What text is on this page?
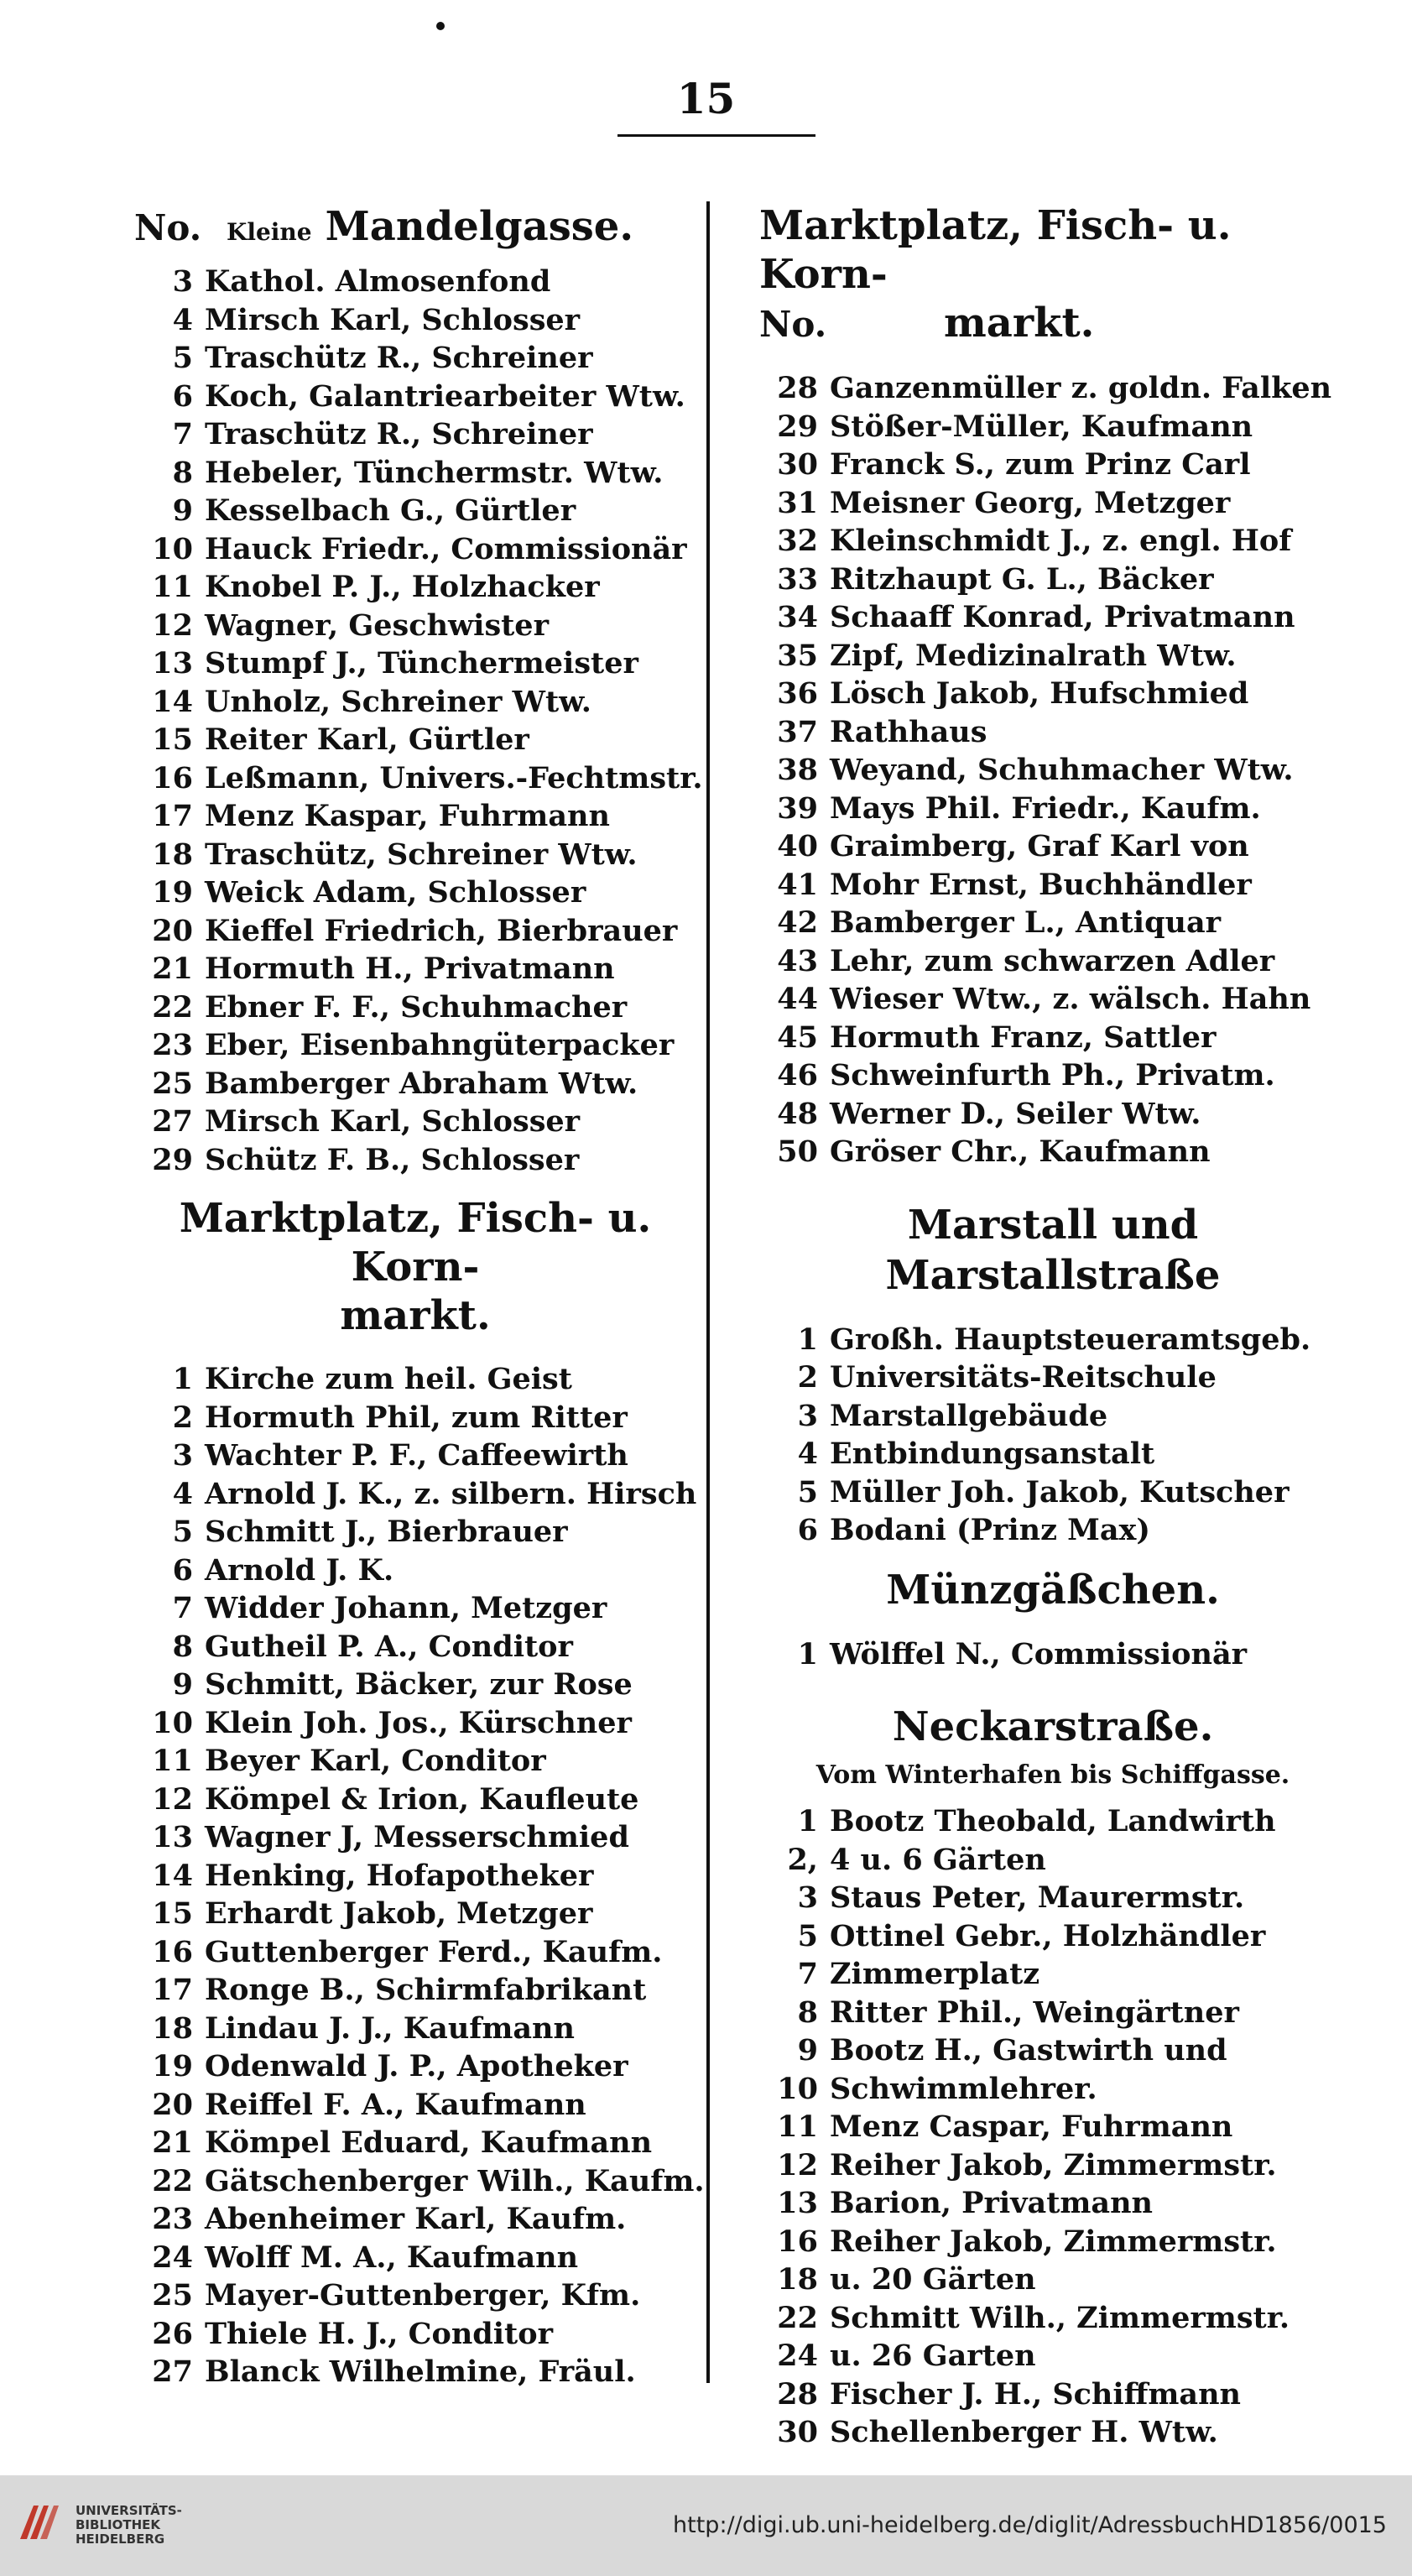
15
No. Kleine Mandelgasse.
3 Kathol. Almosenfond
4 Mirsch Karl, Schlosser
5 Traschütz R., Schreiner
6 Koch, Galantriearbeiter Wtw.
7 Traschütz R., Schreiner
8 Hebeler, Tünchermstr. Wtw.
9 Kesselbach G., Gürtler
10 Hauck Friedr., Commissionär
11 Knobel P. J., Holzhacker
12 Wagner, Geschwister
13 Stumpf J., Tünchermeister
14 Unholz, Schreiner Wtw.
15 Reiter Karl, Gürtler
16 Leßmann, Univers.-Fechtmstr.
17 Menz Kaspar, Fuhrmann
18 Traschütz, Schreiner Wtw.
19 Weick Adam, Schlosser
20 Kieffel Friedrich, Bierbrauer
21 Hormuth H., Privatmann
22 Ebner F. F., Schuhmacher
23 Eber, Eisenbahngüterpacker
25 Bamberger Abraham Wtw.
27 Mirsch Karl, Schlosser
29 Schütz F. B., Schlosser
Marktplatz, Fisch- u. Korn-
markt.
1 Kirche zum heil. Geist
2 Hormuth Phil, zum Ritter
3 Wachter P. F., Caffeewirth
4 Arnold J. K., z. silbern. Hirsch
5 Schmitt J., Bierbrauer
6 Arnold J. K.
7 Widder Johann, Metzger
8 Gutheil P. A., Conditor
9 Schmitt, Bäcker, zur Rose
10 Klein Joh. Jos., Kürschner
11 Beyer Karl, Conditor
12 Kömpel & Irion, Kaufleute
13 Wagner J, Messerschmied
14 Henking, Hofapotheker
15 Erhardt Jakob, Metzger
16 Guttenberger Ferd., Kaufm.
17 Ronge B., Schirmfabrikant
18 Lindau J. J., Kaufmann
19 Odenwald J. P., Apotheker
20 Reiffel F. A., Kaufmann
21 Kömpel Eduard, Kaufmann
22 Gätschenberger Wilh., Kaufm.
23 Abenheimer Karl, Kaufm.
24 Wolff M. A., Kaufmann
25 Mayer-Guttenberger, Kfm.
26 Thiele H. J., Conditor
27 Blanck Wilhelmine, Fräul.
Marktplatz, Fisch- u. Korn-
No.	markt.
28 Ganzenmüller z. goldn. Falken
29 Stößer-Müller, Kaufmann
30 Franck S., zum Prinz Carl
31 Meisner Georg, Metzger
32 Kleinschmidt J., z. engl. Hof
33 Ritzhaupt G. L., Bäcker
34 Schaaff Konrad, Privatmann
35 Zipf, Medizinalrath Wtw.
36 Lösch Jakob, Hufschmied
37 Rathhaus
38 Weyand, Schuhmacher Wtw.
39 Mays Phil. Friedr., Kaufm.
40 Graimberg, Graf Karl von
41 Mohr Ernst, Buchhändler
42 Bamberger L., Antiquar
43 Lehr, zum schwarzen Adler
44 Wieser Wtw., z. wälsch. Hahn
45 Hormuth Franz, Sattler
46 Schweinfurth Ph., Privatm.
48 Werner D., Seiler Wtw.
50 Gröser Chr., Kaufmann
Marstall und Marstallstraße
1 Großh. Hauptsteueramtsgeb.
2 Universitäts-Reitschule
3 Marstallgebäude
4 Entbindungsanstalt
5 Müller Joh. Jakob, Kutscher
6 Bodani (Prinz Max)
Münzgäßchen.
1 Wölffel N., Commissionär
Neckarstraße.
Vom Winterhafen bis Schiffgasse.
1 Bootz Theobald, Landwirth
2, 4 u. 6 Gärten
3 Staus Peter, Maurermstr.
5 Ottinel Gebr., Holzhändler
7 Zimmerplatz
8 Ritter Phil., Weingärtner
9 Bootz H., Gastwirth und
10 Schwimmlehrer.
11 Menz Caspar, Fuhrmann
12 Reiher Jakob, Zimmermstr.
13 Barion, Privatmann
16 Reiher Jakob, Zimmermstr.
18 u. 20 Gärten
22 Schmitt Wilh., Zimmermstr.
24 u. 26 Garten
28 Fischer J. H., Schiffmann
30 Schellenberger H. Wtw.
UNIVERSITÄTS-
BIBLIOTHEK
HEIDELBERG
http://digi.ub.uni-heidelberg.de/diglit/AdressbuchHD1856/0015
